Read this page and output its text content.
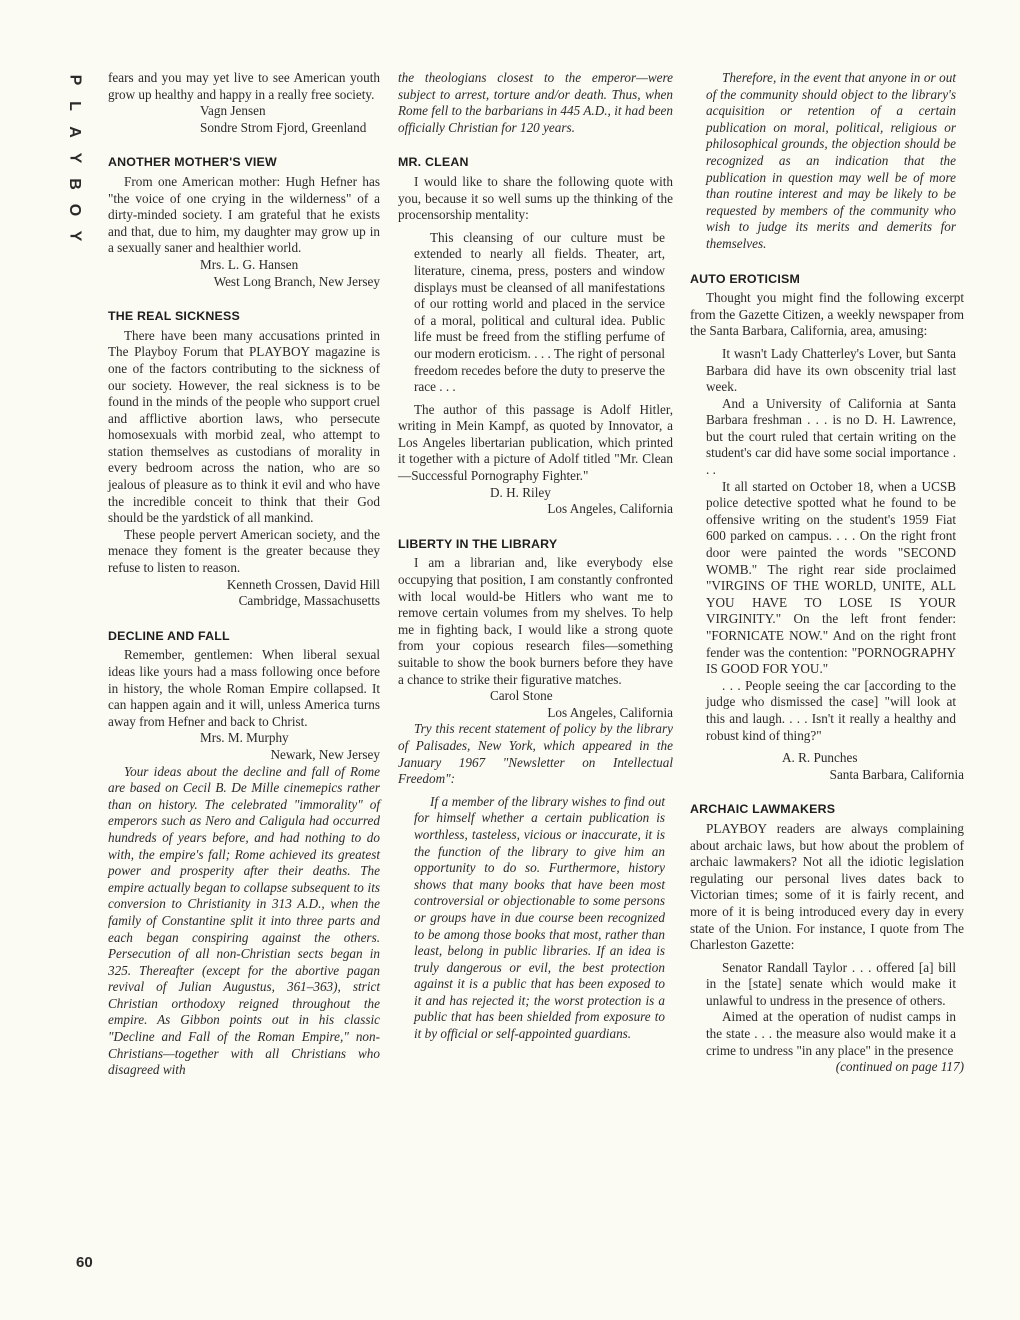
P
L
A
Y
B
O
Y
60

fears and you may yet live to see American youth grow up healthy and happy in a really free society.

Vagn Jensen

Sondre Strom Fjord, Greenland

ANOTHER MOTHER'S VIEW

From one American mother: Hugh Hefner has "the voice of one crying in the wilderness" of a dirty-minded society. I am grateful that he exists and that, due to him, my daughter may grow up in a sexually saner and healthier world.

Mrs. L. G. Hansen

West Long Branch, New Jersey

THE REAL SICKNESS

There have been many accusations printed in The Playboy Forum that PLAYBOY magazine is one of the factors contributing to the sickness of our society. However, the real sickness is to be found in the minds of the people who support cruel and afflictive abortion laws, who persecute homosexuals with morbid zeal, who attempt to station themselves as custodians of morality in every bedroom across the nation, who are so jealous of pleasure as to think it evil and who have the incredible conceit to think that their God should be the yardstick of all mankind.

These people pervert American society, and the menace they foment is the greater because they refuse to listen to reason.

Kenneth Crossen, David Hill

Cambridge, Massachusetts

DECLINE AND FALL

Remember, gentlemen: When liberal sexual ideas like yours had a mass following once before in history, the whole Roman Empire collapsed. It can happen again and it will, unless America turns away from Hefner and back to Christ.

Mrs. M. Murphy

Newark, New Jersey

Your ideas about the decline and fall of Rome are based on Cecil B. De Mille cinemepics rather than on history. The celebrated "immorality" of emperors such as Nero and Caligula had occurred hundreds of years before, and had nothing to do with, the empire's fall; Rome achieved its greatest power and prosperity after their deaths. The empire actually began to collapse subsequent to its conversion to Christianity in 313 A.D., when the family of Constantine split it into three parts and each began conspiring against the others. Persecution of all non-Christian sects began in 325. Thereafter (except for the abortive pagan revival of Julian Augustus, 361–363), strict Christian orthodoxy reigned throughout the empire. As Gibbon points out in his classic "Decline and Fall of the Roman Empire," non-Christians—together with all Christians who disagreed with

the theologians closest to the emperor—were subject to arrest, torture and/or death. Thus, when Rome fell to the barbarians in 445 A.D., it had been officially Christian for 120 years.

MR. CLEAN

I would like to share the following quote with you, because it so well sums up the thinking of the procensorship mentality:

This cleansing of our culture must be extended to nearly all fields. Theater, art, literature, cinema, press, posters and window displays must be cleansed of all manifestations of our rotting world and placed in the service of a moral, political and cultural idea. Public life must be freed from the stifling perfume of our modern eroticism. . . . The right of personal freedom recedes before the duty to preserve the race . . .

The author of this passage is Adolf Hitler, writing in Mein Kampf, as quoted by Innovator, a Los Angeles libertarian publication, which printed it together with a picture of Adolf titled "Mr. Clean —Successful Pornography Fighter."

D. H. Riley

Los Angeles, California

LIBERTY IN THE LIBRARY

I am a librarian and, like everybody else occupying that position, I am constantly confronted with local would-be Hitlers who want me to remove certain volumes from my shelves. To help me in fighting back, I would like a strong quote from your copious research files—something suitable to show the book burners before they have a chance to strike their figurative matches.

Carol Stone

Los Angeles, California

Try this recent statement of policy by the library of Palisades, New York, which appeared in the January 1967 "Newsletter on Intellectual Freedom":

If a member of the library wishes to find out for himself whether a certain publication is worthless, tasteless, vicious or inaccurate, it is the function of the library to give him an opportunity to do so. Furthermore, history shows that many books that have been most controversial or objectionable to some persons or groups have in due course been recognized to be among those books that most, rather than least, belong in public libraries. If an idea is truly dangerous or evil, the best protection against it is a public that has been exposed to it and has rejected it; the worst protection is a public that has been shielded from exposure to it by official or self-appointed guardians.

Therefore, in the event that anyone in or out of the community should object to the library's acquisition or retention of a certain publication on moral, political, religious or philosophical grounds, the objection should be recognized as an indication that the publication in question may well be of more than routine interest and may be likely to be requested by members of the community who wish to judge its merits and demerits for themselves.

AUTO EROTICISM

Thought you might find the following excerpt from the Gazette Citizen, a weekly newspaper from the Santa Barbara, California, area, amusing:

It wasn't Lady Chatterley's Lover, but Santa Barbara did have its own obscenity trial last week.

And a University of California at Santa Barbara freshman . . . is no D. H. Lawrence, but the court ruled that certain writing on the student's car did have some social importance . . .

It all started on October 18, when a UCSB police detective spotted what he found to be offensive writing on the student's 1959 Fiat 600 parked on campus. . . . On the right front door were painted the words "SECOND WOMB." The right rear side proclaimed "VIRGINS OF THE WORLD, UNITE, ALL YOU HAVE TO LOSE IS YOUR VIRGINITY." On the left front fender: "FORNICATE NOW." And on the right front fender was the contention: "PORNOGRAPHY IS GOOD FOR YOU."

. . . People seeing the car [according to the judge who dismissed the case] "will look at this and laugh. . . . Isn't it really a healthy and robust kind of thing?"

A. R. Punches

Santa Barbara, California

ARCHAIC LAWMAKERS

PLAYBOY readers are always complaining about archaic laws, but how about the problem of archaic lawmakers? Not all the idiotic legislation regulating our personal lives dates back to Victorian times; some of it is fairly recent, and more of it is being introduced every day in every state of the Union. For instance, I quote from The Charleston Gazette:

Senator Randall Taylor . . . offered [a] bill in the [state] senate which would make it unlawful to undress in the presence of others.

Aimed at the operation of nudist camps in the state . . . the measure also would make it a crime to undress "in any place" in the presence

(continued on page 117)
